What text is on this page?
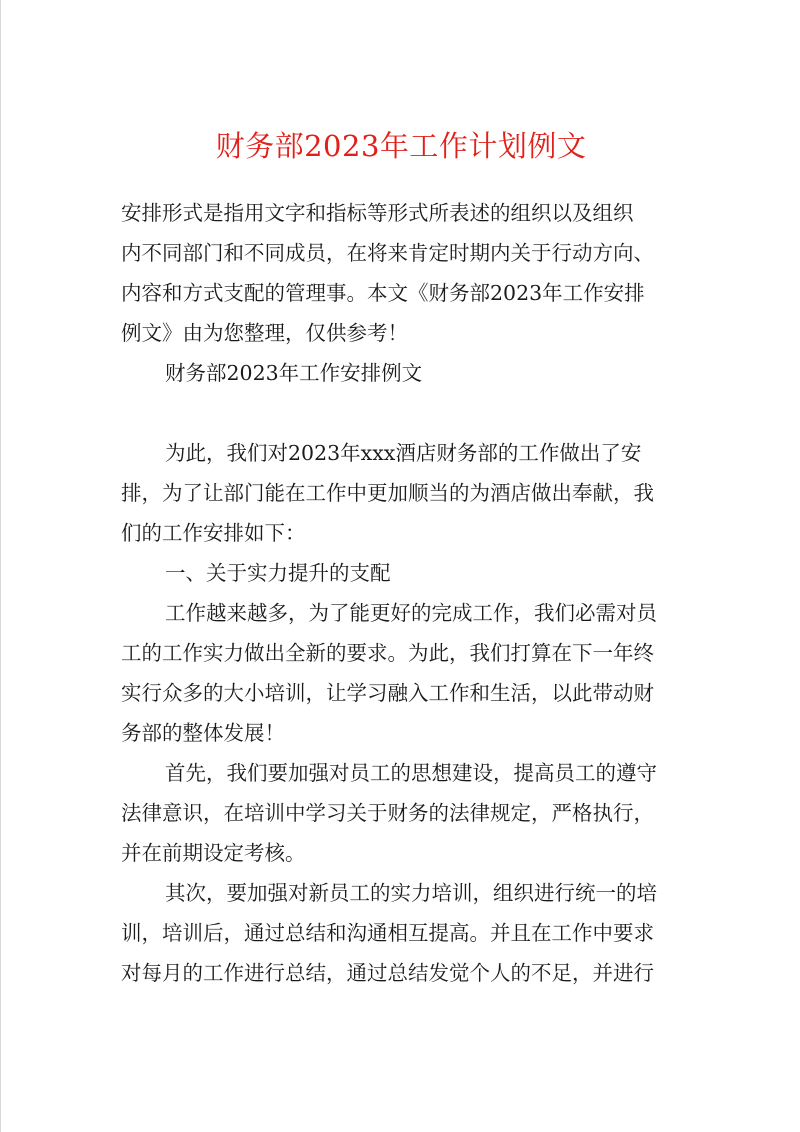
财务部2023年工作计划例文
安排形式是指用文字和指标等形式所表述的组织以及组织
内不同部门和不同成员，在将来肯定时期内关于行动方向、
内容和方式支配的管理事。本文《财务部2023年工作安排
例文》由为您整理，仅供参考！
财务部2023年工作安排例文
为此，我们对2023年xxx酒店财务部的工作做出了安
排，为了让部门能在工作中更加顺当的为酒店做出奉献，我
们的工作安排如下：
一、关于实力提升的支配
工作越来越多，为了能更好的完成工作，我们必需对员
工的工作实力做出全新的要求。为此，我们打算在下一年终
实行众多的大小培训，让学习融入工作和生活，以此带动财
务部的整体发展！
首先，我们要加强对员工的思想建设，提高员工的遵守
法律意识，在培训中学习关于财务的法律规定，严格执行，
并在前期设定考核。
其次，要加强对新员工的实力培训，组织进行统一的培
训，培训后，通过总结和沟通相互提高。并且在工作中要求
对每月的工作进行总结，通过总结发觉个人的不足，并进行
